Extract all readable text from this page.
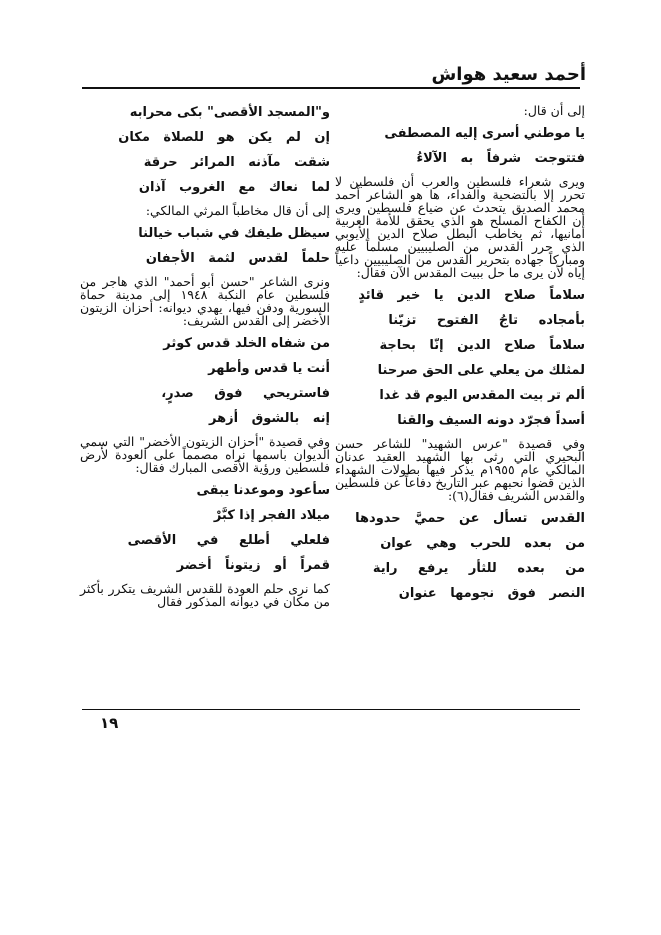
أحمد سعيد هواش

إلى أن قال:

يا موطني أسرى إليه المصطفى
فتتوجت شرفاً به الآلاءُ

ويرى شعراء فلسطين والعرب أن فلسطين لا تحرر إلا بالتضحية والفداء، ها هو الشاعر أحمد محمد الصديق يتحدث عن ضياع فلسطين ويرى أن الكفاح المسلح هو الذي يحقق للأمة العربية أمانيها، ثم يخاطب البطل صلاح الدين الأيوبي الذي حرر القدس من الصليبيين مسلماً عليه ومباركاً جهاده بتحرير القدس من الصليبيين داعياً إياه لأن يرى ما حل ببيت المقدس الآن فقال:

سلاماً صلاح الدين يا خير قائدٍ
بأمجاده تاجُ الفتوح تزيّنا
سلاماً صلاح الدين إنّا بحاجة
لمثلك من يعلي على الحق صرحنا
ألم تر بيت المقدس اليوم قد غدا
أسداً فجرّد دونه السيف والقنا

وفي قصيدة "عرس الشهيد" للشاعر حسن البحيري التي رثى بها الشهيد العقيد عدنان المالكي عام ١٩٥٥م يذكر فيها بطولات الشهداء الذين قضوا نحبهم عبر التاريخ دفاعاً عن فلسطين والقدس الشريف فقال(٦):

القدس تسأل عن حميَّ حدودها
من بعده للحرب وهي عوان
من بعده للثأر يرفع راية
النصر فوق نجومها عنوان
و"المسجد الأقصى" بكى محرابه
إن لم يكن هو للصلاة مكان
شقت مآذنه المرائر حرقة
لما نعاك مع الغروب آذان

إلى أن قال مخاطباً المرثي المالكي:

سيظل طيفك في شباب خيالنا
حلماً لقدس لثمة الأجفان

ونرى الشاعر "حسن أبو أحمد" الذي هاجر من فلسطين عام النكبة ١٩٤٨ إلى مدينة حماة السورية ودفن فيها، يهدي ديوانه: أحزان الزيتون الأخضر إلى القدس الشريف:

من شفاه الخلد قدس كوثر
أنت يا قدس وأطهر
فاستريحي فوق صدرٍ،
إنه بالشوق أزهر

وفي قصيدة "أحزان الزيتون الأخضر" التي سمي الديوان باسمها نراه مصمماً على العودة لأرض فلسطين ورؤية الأقصى المبارك فقال:

سأعود وموعدنا يبقى
ميلاد الفجر إذا كبَّرْ
فلعلي أطلع في الأقصى
قمراً أو زيتوناً أخضر

كما نرى حلم العودة للقدس الشريف يتكرر بأكثر من مكان في ديوانه المذكور فقال

١٩
